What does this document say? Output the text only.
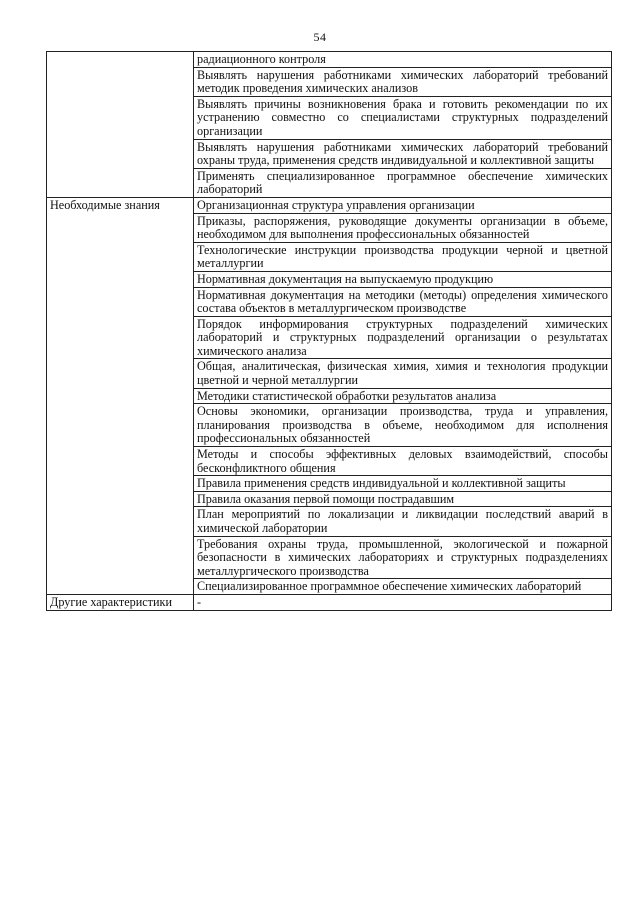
54
	радиационного контроля
	Выявлять нарушения работниками химических лабораторий требований методик проведения химических анализов
	Выявлять причины возникновения брака и готовить рекомендации по их устранению совместно со специалистами структурных подразделений организации
	Выявлять нарушения работниками химических лабораторий требований охраны труда, применения средств индивидуальной и коллективной защиты
	Применять специализированное программное обеспечение химических лабораторий
Необходимые знания	Организационная структура управления организации
	Приказы, распоряжения, руководящие документы организации в объеме, необходимом для выполнения профессиональных обязанностей
	Технологические инструкции производства продукции черной и цветной металлургии
	Нормативная документация на выпускаемую продукцию
	Нормативная документация на методики (методы) определения химического состава объектов в металлургическом производстве
	Порядок информирования структурных подразделений химических лабораторий и структурных подразделений организации о результатах химического анализа
	Общая, аналитическая, физическая химия, химия и технология продукции цветной и черной металлургии
	Методики статистической обработки результатов анализа
	Основы экономики, организации производства, труда и управления, планирования производства в объеме, необходимом для исполнения профессиональных обязанностей
	Методы и способы эффективных деловых взаимодействий, способы бесконфликтного общения
	Правила применения средств индивидуальной и коллективной защиты
	Правила оказания первой помощи пострадавшим
	План мероприятий по локализации и ликвидации последствий аварий в химической лаборатории
	Требования охраны труда, промышленной, экологической и пожарной безопасности в химических лабораториях и структурных подразделениях металлургического производства
	Специализированное программное обеспечение химических лабораторий
Другие характеристики	-
